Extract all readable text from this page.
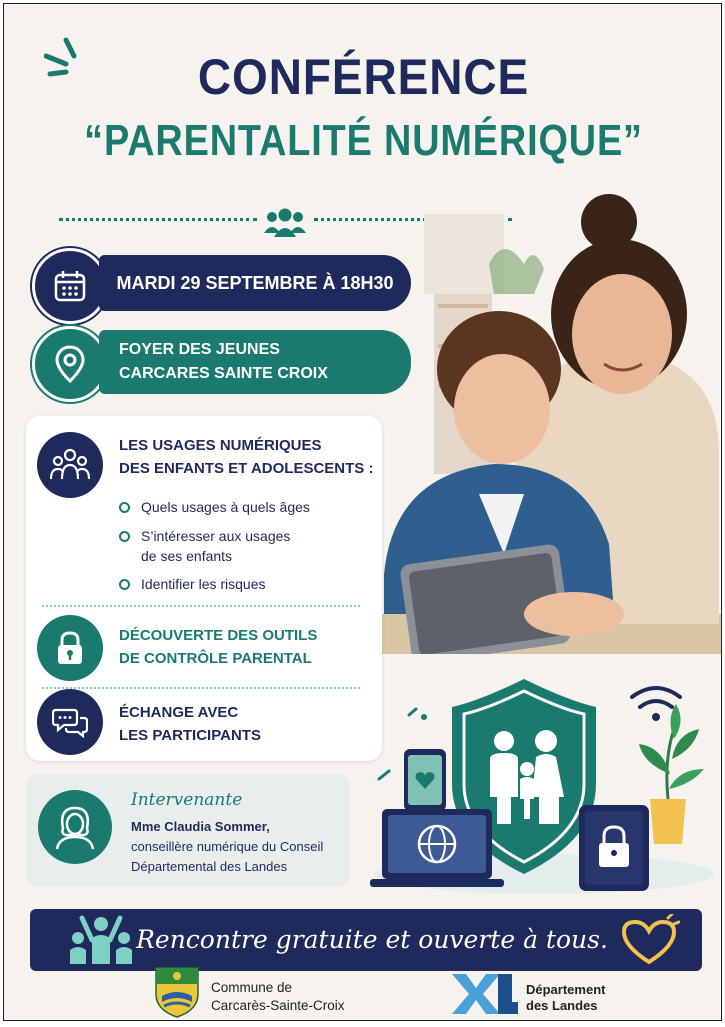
CONFÉRENCE
“PARENTALITÉ NUMÉRIQUE”
MARDI 29 SEPTEMBRE À 18H30
FOYER DES JEUNES
CARCARES SAINTE CROIX
LES USAGES NUMÉRIQUES
DES ENFANTS ET ADOLESCENTS :
Quels usages à quels âges
S’intéresser aux usages
de ses enfants
Identifier les risques
DÉCOUVERTE DES OUTILS
DE CONTRÔLE PARENTAL
ÉCHANGE AVEC
LES PARTICIPANTS
Intervenante
Mme Claudia Sommer,
conseillère numérique du Conseil
Départemental des Landes
Rencontre gratuite et ouverte à tous.
Commune de
Carcarès-Sainte-Croix
Département
des Landes
